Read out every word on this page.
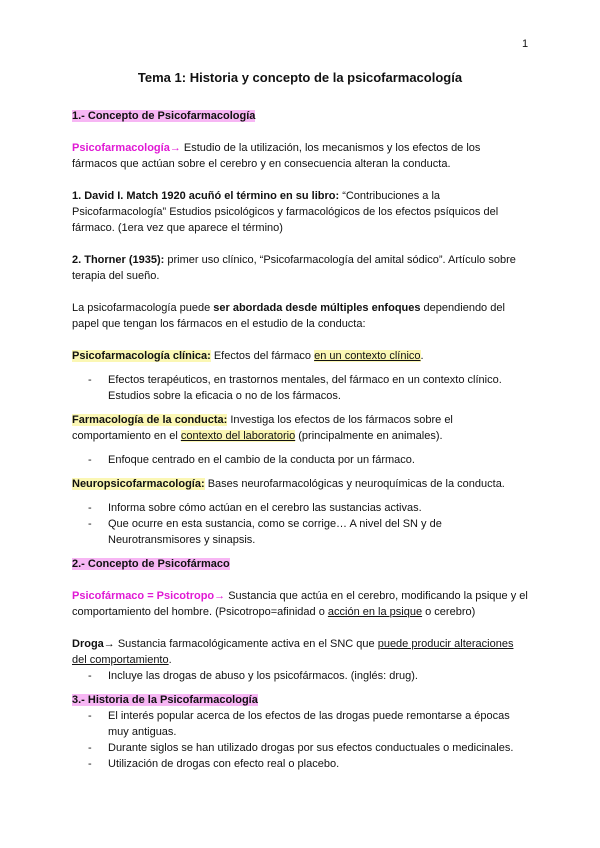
1

Tema 1: Historia y concepto de la psicofarmacología

1.- Concepto de Psicofarmacología

Psicofarmacología→ Estudio de la utilización, los mecanismos y los efectos de los fármacos que actúan sobre el cerebro y en consecuencia alteran la conducta.

1. David I. Match 1920 acuñó el término en su libro: “Contribuciones a la Psicofarmacología” Estudios psicológicos y farmacológicos de los efectos psíquicos del fármaco. (1era vez que aparece el término)

2. Thorner (1935): primer uso clínico, “Psicofarmacología del amital sódico”. Artículo sobre terapia del sueño.

La psicofarmacología puede ser abordada desde múltiples enfoques dependiendo del papel que tengan los fármacos en el estudio de la conducta:

Psicofarmacología clínica: Efectos del fármaco en un contexto clínico.

- Efectos terapéuticos, en trastornos mentales, del fármaco en un contexto clínico. Estudios sobre la eficacia o no de los fármacos.

Farmacología de la conducta: Investiga los efectos de los fármacos sobre el comportamiento en el contexto del laboratorio (principalmente en animales).

- Enfoque centrado en el cambio de la conducta por un fármaco.

Neuropsicofarmacología: Bases neurofarmacológicas y neuroquímicas de la conducta.

- Informa sobre cómo actúan en el cerebro las sustancias activas.
- Que ocurre en esta sustancia, como se corrige… A nivel del SN y de Neurotransmisores y sinapsis.

2.- Concepto de Psicofármaco

Psicofármaco = Psicotropo→ Sustancia que actúa en el cerebro, modificando la psique y el comportamiento del hombre. (Psicotropo=afinidad o acción en la psique o cerebro)

Droga→ Sustancia farmacológicamente activa en el SNC que puede producir alteraciones del comportamiento.

- Incluye las drogas de abuso y los psicofármacos. (inglés: drug).

3.- Historia de la Psicofarmacología

- El interés popular acerca de los efectos de las drogas puede remontarse a épocas muy antiguas.
- Durante siglos se han utilizado drogas por sus efectos conductuales o medicinales.
- Utilización de drogas con efecto real o placebo.
